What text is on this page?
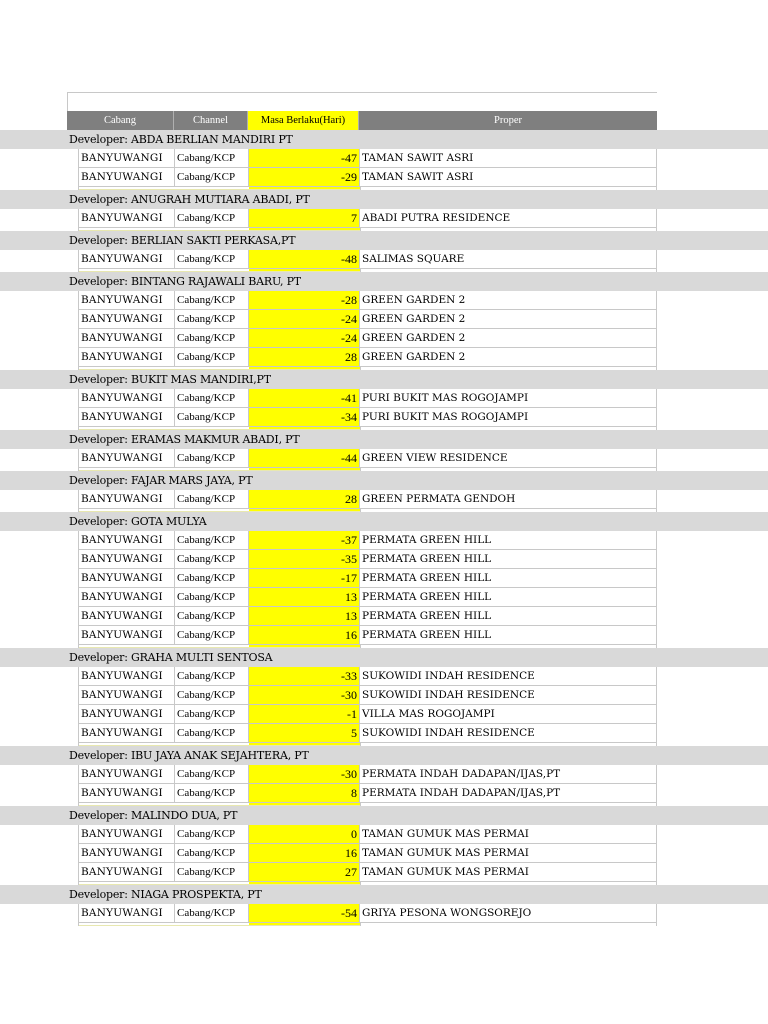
Cabang	Channel	Masa Berlaku(Hari)	Proper
Developer: ABDA BERLIAN MANDIRI PT
BANYUWANGI	Cabang/KCP	-47 TAMAN SAWIT ASRI
BANYUWANGI	Cabang/KCP	-29 TAMAN SAWIT ASRI
Developer: ANUGRAH MUTIARA ABADI, PT
BANYUWANGI	Cabang/KCP	7 ABADI PUTRA RESIDENCE
Developer: BERLIAN SAKTI PERKASA,PT
BANYUWANGI	Cabang/KCP	-48 SALIMAS SQUARE
Developer: BINTANG RAJAWALI BARU, PT
BANYUWANGI	Cabang/KCP	-28 GREEN GARDEN 2
BANYUWANGI	Cabang/KCP	-24 GREEN GARDEN 2
BANYUWANGI	Cabang/KCP	-24 GREEN GARDEN 2
BANYUWANGI	Cabang/KCP	28 GREEN GARDEN 2
Developer: BUKIT MAS MANDIRI,PT
BANYUWANGI	Cabang/KCP	-41 PURI BUKIT MAS ROGOJAMPI
BANYUWANGI	Cabang/KCP	-34 PURI BUKIT MAS ROGOJAMPI
Developer: ERAMAS MAKMUR ABADI, PT
BANYUWANGI	Cabang/KCP	-44 GREEN VIEW RESIDENCE
Developer: FAJAR MARS JAYA, PT
BANYUWANGI	Cabang/KCP	28 GREEN PERMATA GENDOH
Developer: GOTA MULYA
BANYUWANGI	Cabang/KCP	-37 PERMATA GREEN HILL
BANYUWANGI	Cabang/KCP	-35 PERMATA GREEN HILL
BANYUWANGI	Cabang/KCP	-17 PERMATA GREEN HILL
BANYUWANGI	Cabang/KCP	13 PERMATA GREEN HILL
BANYUWANGI	Cabang/KCP	13 PERMATA GREEN HILL
BANYUWANGI	Cabang/KCP	16 PERMATA GREEN HILL
Developer: GRAHA MULTI SENTOSA
BANYUWANGI	Cabang/KCP	-33 SUKOWIDI INDAH RESIDENCE
BANYUWANGI	Cabang/KCP	-30 SUKOWIDI INDAH RESIDENCE
BANYUWANGI	Cabang/KCP	-1 VILLA MAS ROGOJAMPI
BANYUWANGI	Cabang/KCP	5 SUKOWIDI INDAH RESIDENCE
Developer: IBU JAYA ANAK SEJAHTERA, PT
BANYUWANGI	Cabang/KCP	-30 PERMATA INDAH DADAPAN/IJAS,PT
BANYUWANGI	Cabang/KCP	8 PERMATA INDAH DADAPAN/IJAS,PT
Developer: MALINDO DUA, PT
BANYUWANGI	Cabang/KCP	0 TAMAN GUMUK MAS PERMAI
BANYUWANGI	Cabang/KCP	16 TAMAN GUMUK MAS PERMAI
BANYUWANGI	Cabang/KCP	27 TAMAN GUMUK MAS PERMAI
Developer: NIAGA PROSPEKTA, PT
BANYUWANGI	Cabang/KCP	-54 GRIYA PESONA WONGSOREJO
